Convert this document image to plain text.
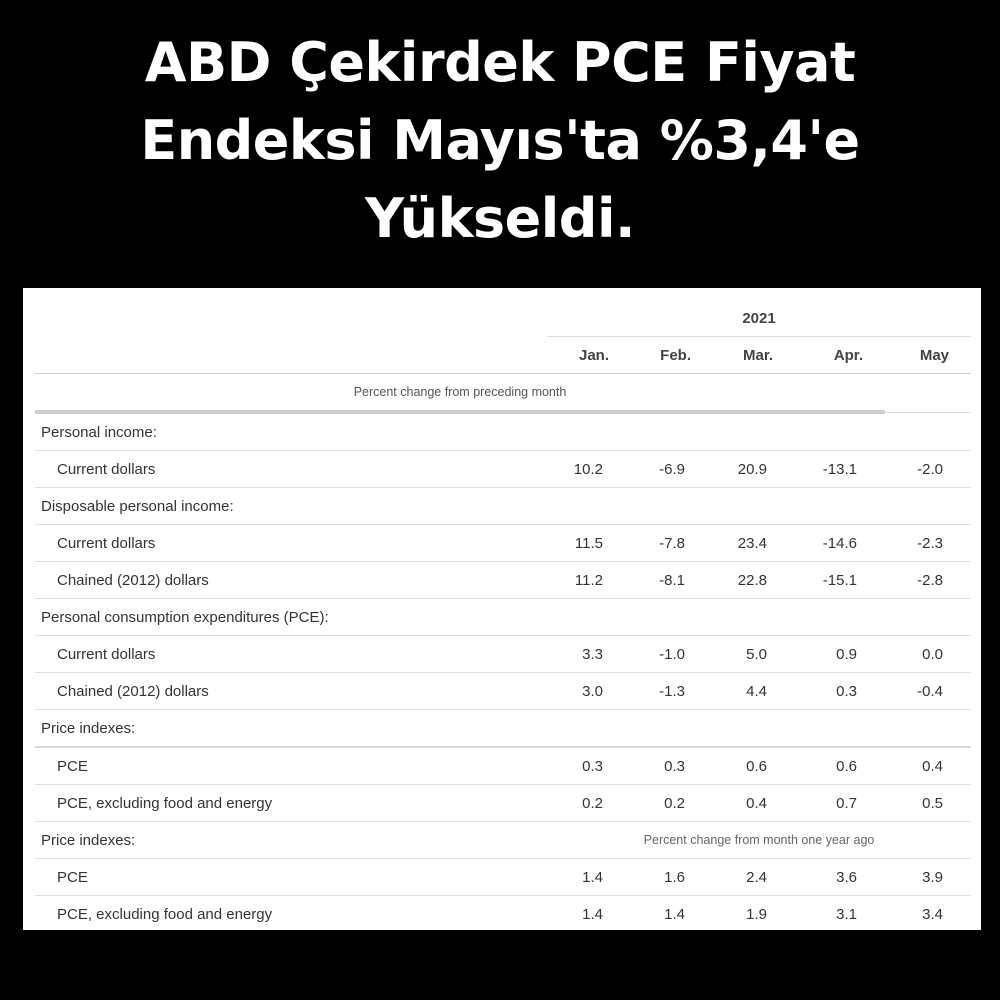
ABD Çekirdek PCE Fiyat Endeksi Mayıs'ta %3,4'e Yükseldi.
	2021				
	Jan.	Feb.	Mar.	Apr.	May
Percent change from preceding month					
Personal income:					
Current dollars	10.2	-6.9	20.9	-13.1	-2.0
Disposable personal income:					
Current dollars	11.5	-7.8	23.4	-14.6	-2.3
Chained (2012) dollars	11.2	-8.1	22.8	-15.1	-2.8
Personal consumption expenditures (PCE):					
Current dollars	3.3	-1.0	5.0	0.9	0.0
Chained (2012) dollars	3.0	-1.3	4.4	0.3	-0.4
Price indexes:					
PCE	0.3	0.3	0.6	0.6	0.4
PCE, excluding food and energy	0.2	0.2	0.4	0.7	0.5
Price indexes:	Percent change from month one year ago				
PCE	1.4	1.6	2.4	3.6	3.9
PCE, excluding food and energy	1.4	1.4	1.9	3.1	3.4
